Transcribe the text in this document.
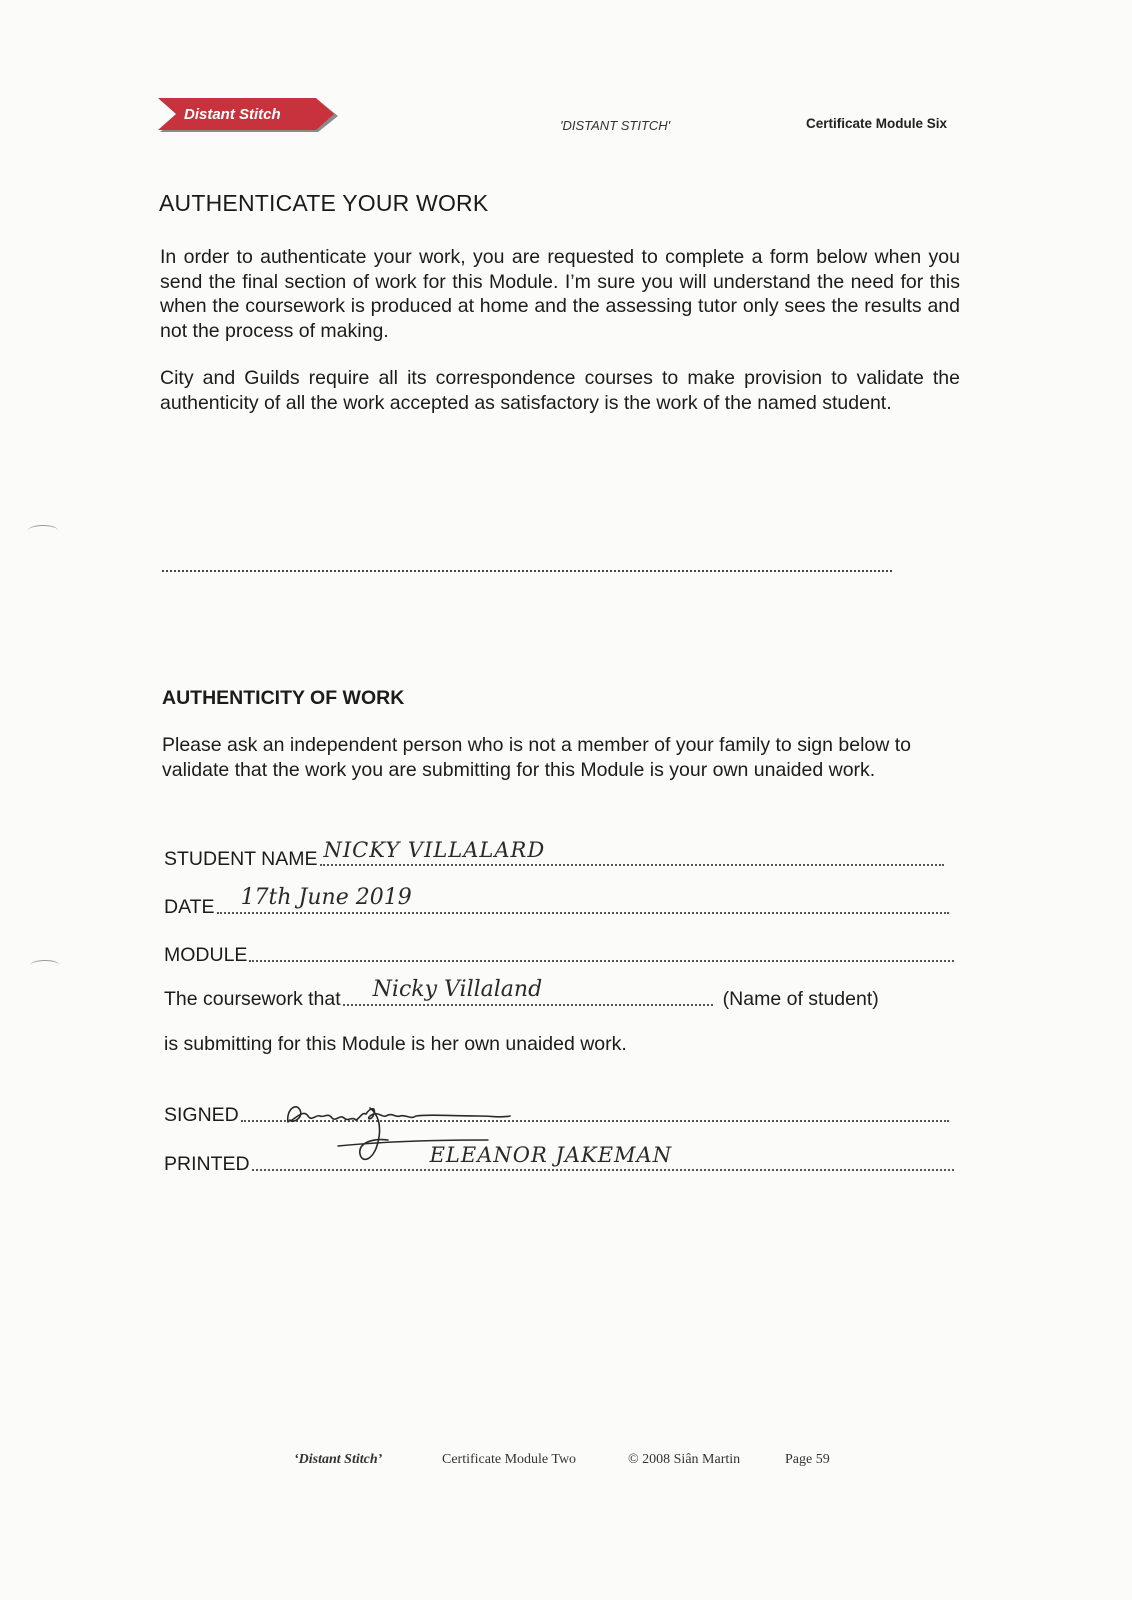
Distant Stitch
'DISTANT STITCH'	Certificate Module Six
AUTHENTICATE YOUR WORK

In order to authenticate your work, you are requested to complete a form below when you send the final section of work for this Module. I’m sure you will understand the need for this when the coursework is produced at home and the assessing tutor only sees the results and not the process of making.

City and Guilds require all its correspondence courses to make provision to validate the authenticity of all the work accepted as satisfactory is the work of the named student.

AUTHENTICITY OF WORK

Please ask an independent person who is not a member of your family to sign below to validate that the work you are submitting for this Module is your own unaided work.

STUDENT NAME NICKY VILLALARD
DATE 17th June 2019
MODULE
The coursework that Nicky Villaland	(Name of student)
is submitting for this Module is her own unaided work.
SIGNED
PRINTED	ELEANOR JAKEMAN
‘Distant Stitch’	Certificate Module Two	© 2008 Siân Martin	Page 59
